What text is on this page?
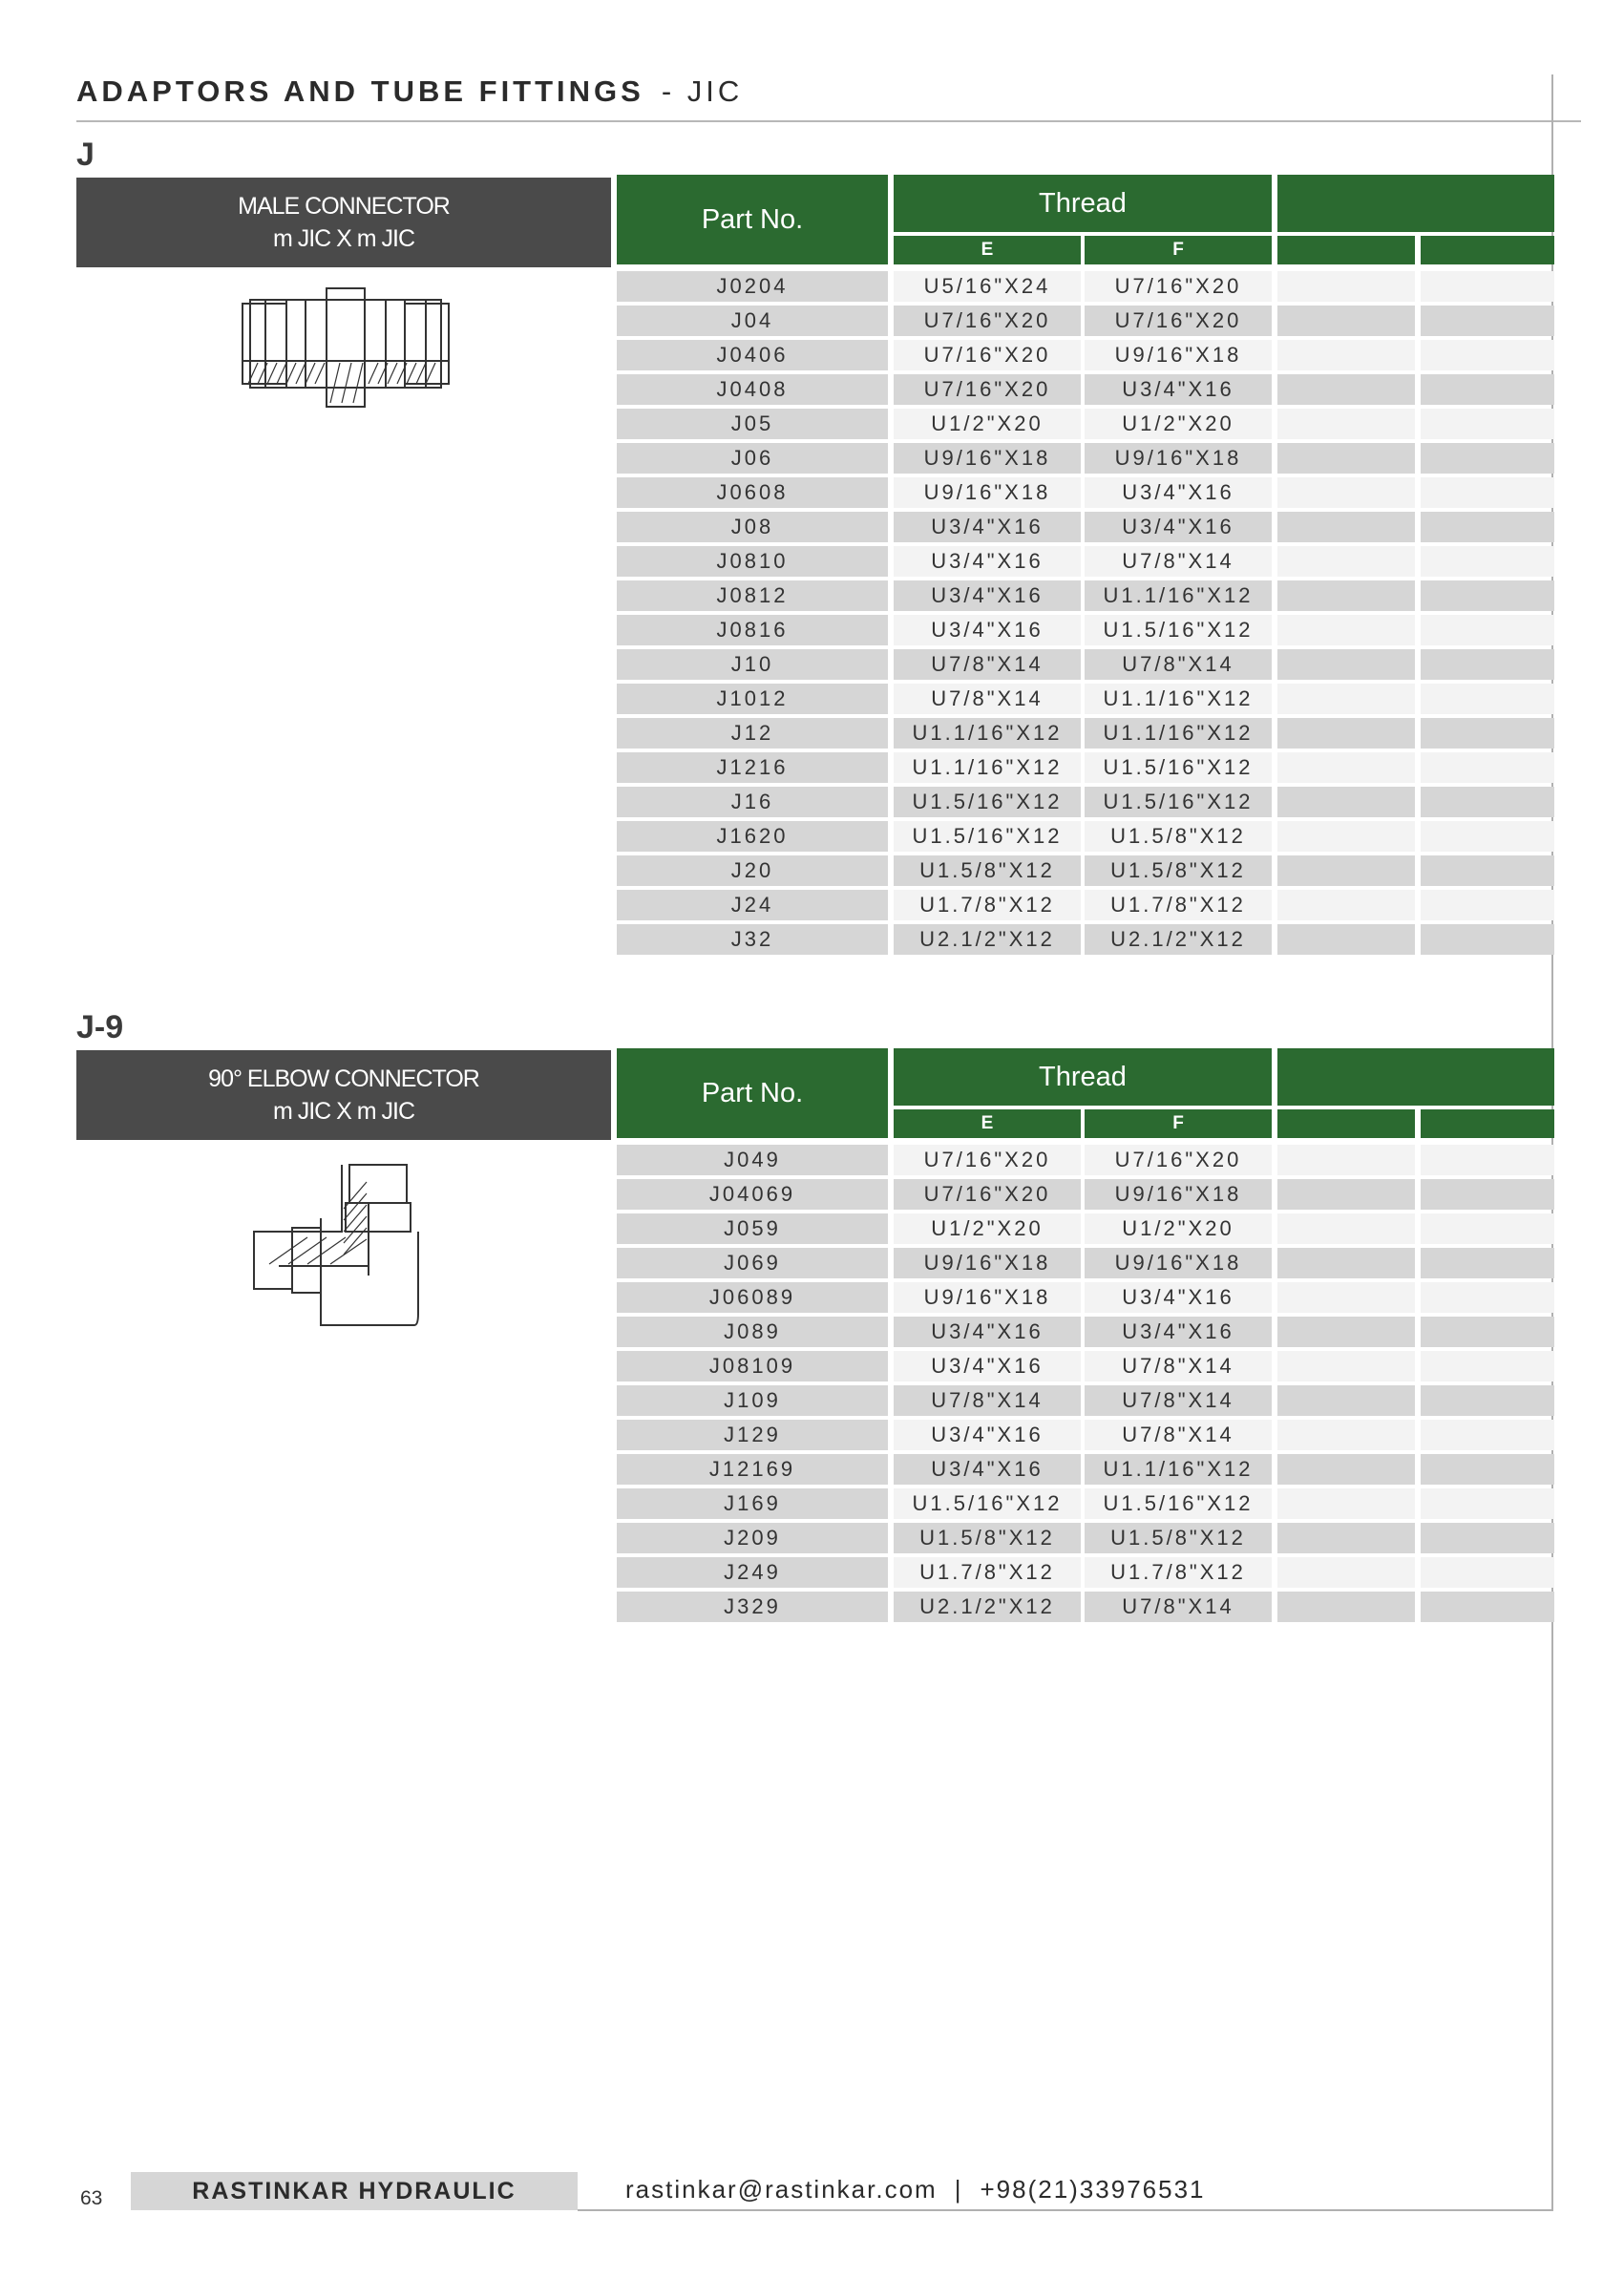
ADAPTORS AND TUBE FITTINGS - JIC
J
MALE CONNECTOR
m JIC X m JIC
Part No.
Thread
E	F
J0204	U5/16"X24	U7/16"X20
J04	U7/16"X20	U7/16"X20
J0406	U7/16"X20	U9/16"X18
J0408	U7/16"X20	U3/4"X16
J05	U1/2"X20	U1/2"X20
J06	U9/16"X18	U9/16"X18
J0608	U9/16"X18	U3/4"X16
J08	U3/4"X16	U3/4"X16
J0810	U3/4"X16	U7/8"X14
J0812	U3/4"X16	U1.1/16"X12
J0816	U3/4"X16	U1.5/16"X12
J10	U7/8"X14	U7/8"X14
J1012	U7/8"X14	U1.1/16"X12
J12	U1.1/16"X12	U1.1/16"X12
J1216	U1.1/16"X12	U1.5/16"X12
J16	U1.5/16"X12	U1.5/16"X12
J1620	U1.5/16"X12	U1.5/8"X12
J20	U1.5/8"X12	U1.5/8"X12
J24	U1.7/8"X12	U1.7/8"X12
J32	U2.1/2"X12	U2.1/2"X12
J-9
90° ELBOW CONNECTOR
m JIC X m JIC
Part No.
Thread
E	F
J049	U7/16"X20	U7/16"X20
J04069	U7/16"X20	U9/16"X18
J059	U1/2"X20	U1/2"X20
J069	U9/16"X18	U9/16"X18
J06089	U9/16"X18	U3/4"X16
J089	U3/4"X16	U3/4"X16
J08109	U3/4"X16	U7/8"X14
J109	U7/8"X14	U7/8"X14
J129	U3/4"X16	U7/8"X14
J12169	U3/4"X16	U1.1/16"X12
J169	U1.5/16"X12	U1.5/16"X12
J209	U1.5/8"X12	U1.5/8"X12
J249	U1.7/8"X12	U1.7/8"X12
J329	U2.1/2"X12	U7/8"X14
63	RASTINKAR HYDRAULIC	rastinkar@rastinkar.com | +98(21)33976531
